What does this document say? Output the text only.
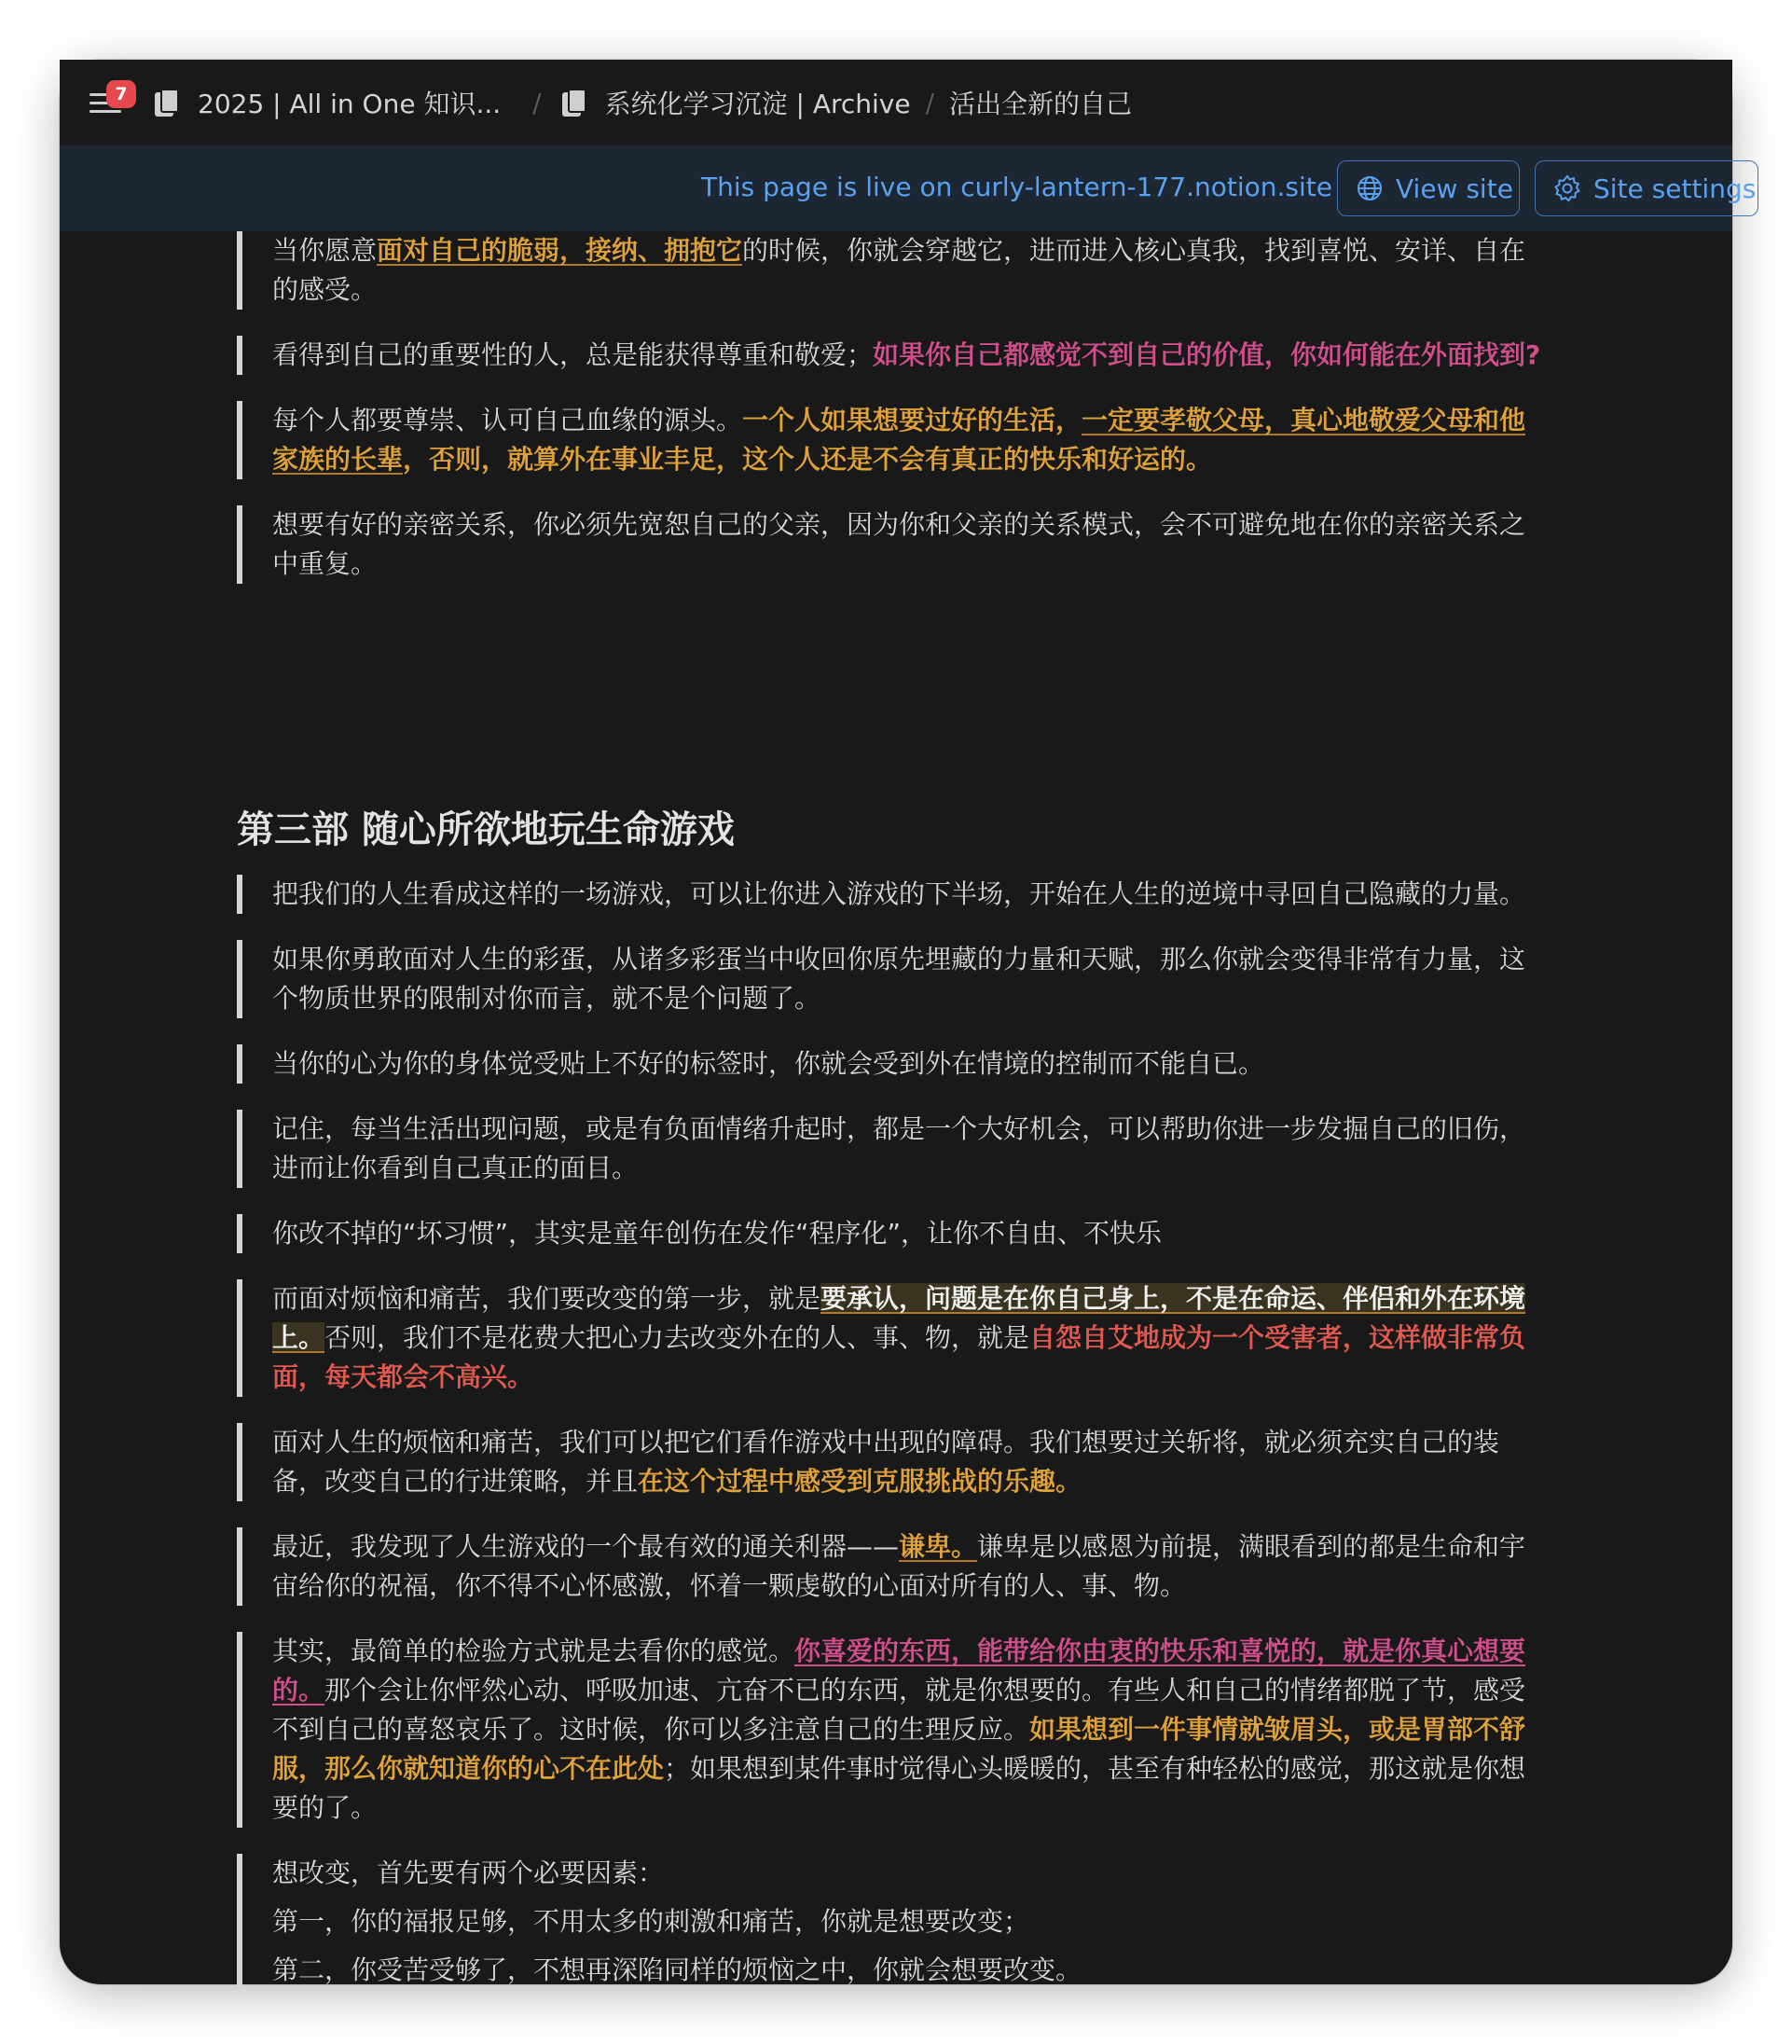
7	2025 | All in One 知识... / 系统化学习沉淀 | Archive / 活出全新的自己
This page is live on curly-lantern-177.notion.site View site	Site settings

当你愿意面对自己的脆弱，接纳、拥抱它的时候，你就会穿越它，进而进入核心真我，找到喜悦、安详、自在的感受。

看得到自己的重要性的人，总是能获得尊重和敬爱；如果你自己都感觉不到自己的价值，你如何能在外面找到?

每个人都要尊崇、认可自己血缘的源头。一个人如果想要过好的生活，一定要孝敬父母，真心地敬爱父母和他家族的长辈，否则，就算外在事业丰足，这个人还是不会有真正的快乐和好运的。

想要有好的亲密关系，你必须先宽恕自己的父亲，因为你和父亲的关系模式，会不可避免地在你的亲密关系之中重复。

第三部 随心所欲地玩生命游戏

把我们的人生看成这样的一场游戏，可以让你进入游戏的下半场，开始在人生的逆境中寻回自己隐藏的力量。

如果你勇敢面对人生的彩蛋，从诸多彩蛋当中收回你原先埋藏的力量和天赋，那么你就会变得非常有力量，这个物质世界的限制对你而言，就不是个问题了。

当你的心为你的身体觉受贴上不好的标签时，你就会受到外在情境的控制而不能自已。

记住，每当生活出现问题，或是有负面情绪升起时，都是一个大好机会，可以帮助你进一步发掘自己的旧伤，进而让你看到自己真正的面目。

你改不掉的“坏习惯”，其实是童年创伤在发作“程序化”，让你不自由、不快乐

而面对烦恼和痛苦，我们要改变的第一步，就是要承认，问题是在你自己身上，不是在命运、伴侣和外在环境上。否则，我们不是花费大把心力去改变外在的人、事、物，就是自怨自艾地成为一个受害者，这样做非常负面，每天都会不高兴。

面对人生的烦恼和痛苦，我们可以把它们看作游戏中出现的障碍。我们想要过关斩将，就必须充实自己的装备，改变自己的行进策略，并且在这个过程中感受到克服挑战的乐趣。

最近，我发现了人生游戏的一个最有效的通关利器——谦卑。谦卑是以感恩为前提，满眼看到的都是生命和宇宙给你的祝福，你不得不心怀感激，怀着一颗虔敬的心面对所有的人、事、物。

其实，最简单的检验方式就是去看你的感觉。你喜爱的东西，能带给你由衷的快乐和喜悦的，就是你真心想要的。那个会让你怦然心动、呼吸加速、亢奋不已的东西，就是你想要的。有些人和自己的情绪都脱了节，感受不到自己的喜怒哀乐了。这时候，你可以多注意自己的生理反应。如果想到一件事情就皱眉头，或是胃部不舒服，那么你就知道你的心不在此处；如果想到某件事时觉得心头暖暖的，甚至有种轻松的感觉，那这就是你想要的了。

想改变，首先要有两个必要因素：

第一，你的福报足够，不用太多的刺激和痛苦，你就是想要改变；

第二，你受苦受够了，不想再深陷同样的烦恼之中，你就会想要改变。
